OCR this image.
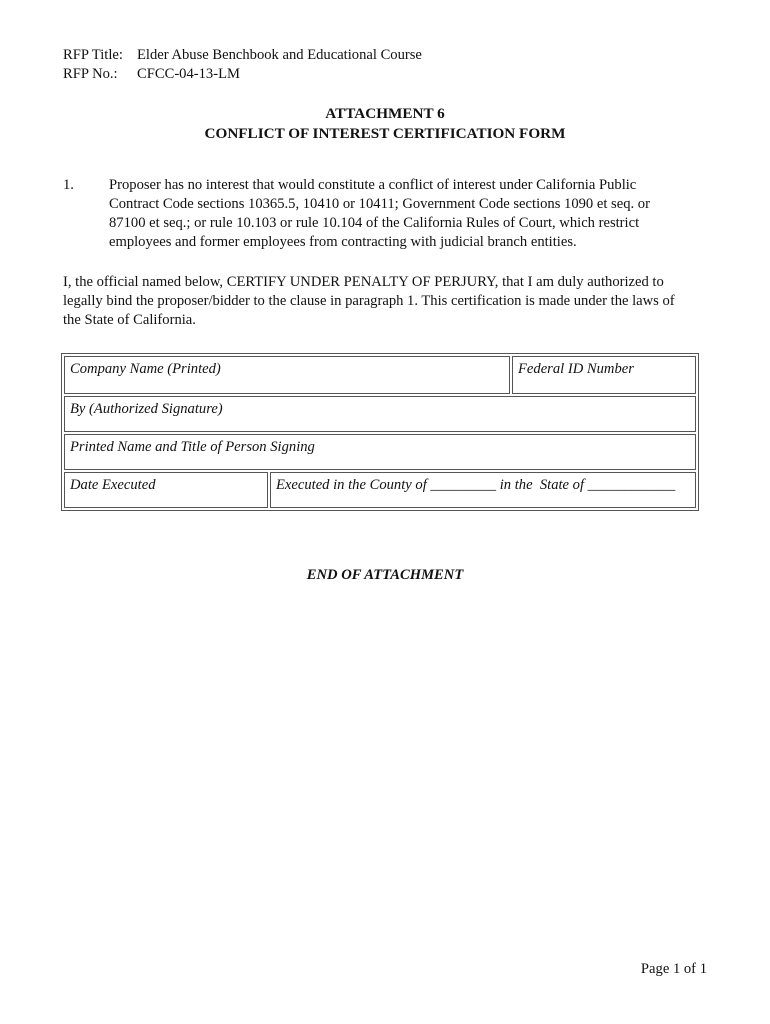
RFP Title: Elder Abuse Benchbook and Educational Course
RFP No.: CFCC-04-13-LM
ATTACHMENT 6
CONFLICT OF INTEREST CERTIFICATION FORM
1. Proposer has no interest that would constitute a conflict of interest under California Public
Contract Code sections 10365.5, 10410 or 10411; Government Code sections 1090 et seq. or
87100 et seq.; or rule 10.103 or rule 10.104 of the California Rules of Court, which restrict
employees and former employees from contracting with judicial branch entities.
I, the official named below, CERTIFY UNDER PENALTY OF PERJURY, that I am duly authorized to
legally bind the proposer/bidder to the clause in paragraph 1. This certification is made under the laws of
the State of California.
Company Name (Printed)	Federal ID Number
By (Authorized Signature)
Printed Name and Title of Person Signing
Date Executed	Executed in the County of _________ in the  State of ____________
END OF ATTACHMENT
Page 1 of 1
